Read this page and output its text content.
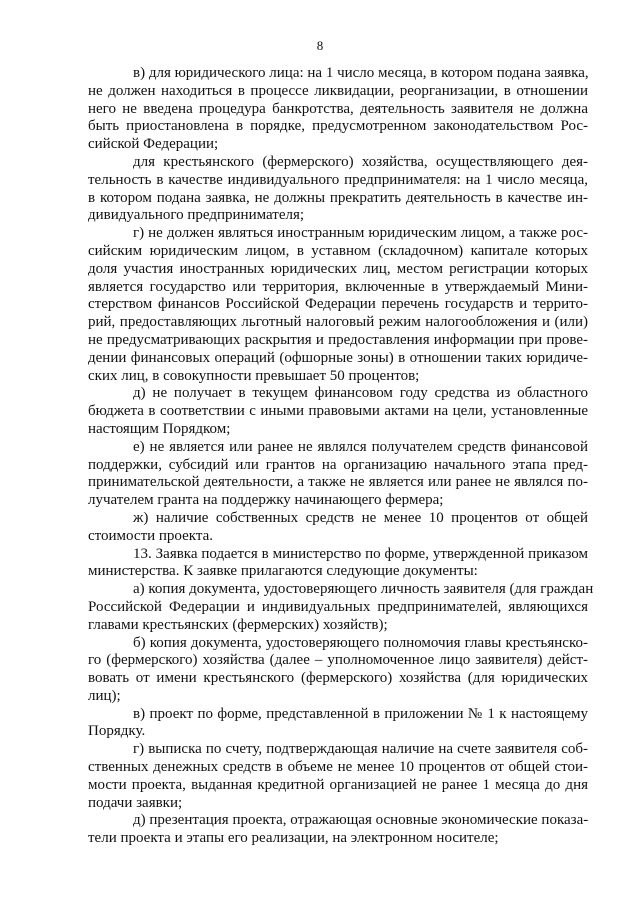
8
в) для юридического лица: на 1 число месяца, в котором подана заявка,
не должен находиться в процессе ликвидации, реорганизации, в отношении
него не введена процедура банкротства, деятельность заявителя не должна
быть приостановлена в порядке, предусмотренном законодательством Рос-
сийской Федерации;
для крестьянского (фермерского) хозяйства, осуществляющего дея-
тельность в качестве индивидуального предпринимателя: на 1 число месяца,
в котором подана заявка, не должны прекратить деятельность в качестве ин-
дивидуального предпринимателя;
г) не должен являться иностранным юридическим лицом, а также рос-
сийским юридическим лицом, в уставном (складочном) капитале которых
доля участия иностранных юридических лиц, местом регистрации которых
является государство или территория, включенные в утверждаемый Мини-
стерством финансов Российской Федерации перечень государств и террито-
рий, предоставляющих льготный налоговый режим налогообложения и (или)
не предусматривающих раскрытия и предоставления информации при прове-
дении финансовых операций (офшорные зоны) в отношении таких юридиче-
ских лиц, в совокупности превышает 50 процентов;
д) не получает в текущем финансовом году средства из областного
бюджета в соответствии с иными правовыми актами на цели, установленные
настоящим Порядком;
е) не является или ранее не являлся получателем средств финансовой
поддержки, субсидий или грантов на организацию начального этапа пред-
принимательской деятельности, а также не является или ранее не являлся по-
лучателем гранта на поддержку начинающего фермера;
ж) наличие собственных средств не менее 10 процентов от общей
стоимости проекта.
13. Заявка подается в министерство по форме, утвержденной приказом
министерства. К заявке прилагаются следующие документы:
а) копия документа, удостоверяющего личность заявителя (для граждан
Российской Федерации и индивидуальных предпринимателей, являющихся
главами крестьянских (фермерских) хозяйств);
б) копия документа, удостоверяющего полномочия главы крестьянско-
го (фермерского) хозяйства (далее – уполномоченное лицо заявителя) дейст-
вовать от имени крестьянского (фермерского) хозяйства (для юридических
лиц);
в) проект по форме, представленной в приложении № 1 к настоящему
Порядку.
г) выписка по счету, подтверждающая наличие на счете заявителя соб-
ственных денежных средств в объеме не менее 10 процентов от общей стои-
мости проекта, выданная кредитной организацией не ранее 1 месяца до дня
подачи заявки;
д) презентация проекта, отражающая основные экономические показа-
тели проекта и этапы его реализации, на электронном носителе;
